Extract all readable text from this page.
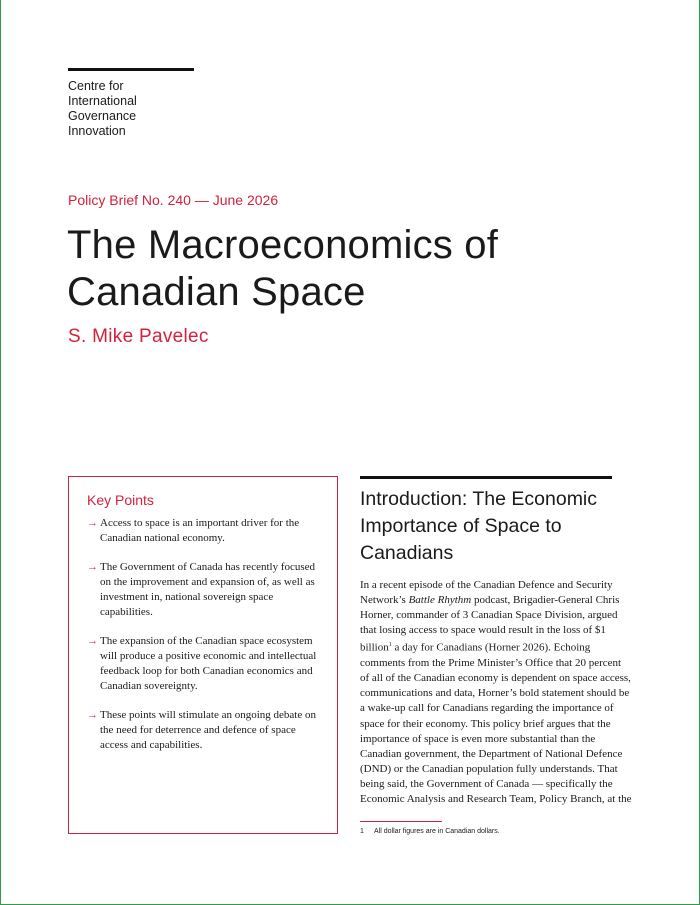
Centre for International
Governance Innovation
Policy Brief No. 240 — June 2026
The Macroeconomics of
Canadian Space
S. Mike Pavelec
Key Points
→ Access to space is an important driver for the Canadian national economy.
→ The Government of Canada has recently focused on the improvement and expansion of, as well as investment in, national sovereign space capabilities.
→ The expansion of the Canadian space ecosystem will produce a positive economic and intellectual feedback loop for both Canadian economics and Canadian sovereignty.
→ These points will stimulate an ongoing debate on the need for deterrence and defence of space access and capabilities.
Introduction: The Economic
Importance of Space to
Canadians

In a recent episode of the Canadian Defence and Security Network’s Battle Rhythm podcast, Brigadier-General Chris Horner, commander of 3 Canadian Space Division, argued that losing access to space would result in the loss of $1 billion$^1$ a day for Canadians (Horner 2026). Echoing comments from the Prime Minister’s Office that 20 percent of all of the Canadian economy is dependent on space access, communications and data, Horner’s bold statement should be a wake-up call for Canadians regarding the importance of space for their economy. This policy brief argues that the importance of space is even more substantial than the Canadian government, the Department of National Defence (DND) or the Canadian population fully understands. That being said, the Government of Canada — specifically the Economic Analysis and Research Team, Policy Branch, at the

1	All dollar figures are in Canadian dollars.
